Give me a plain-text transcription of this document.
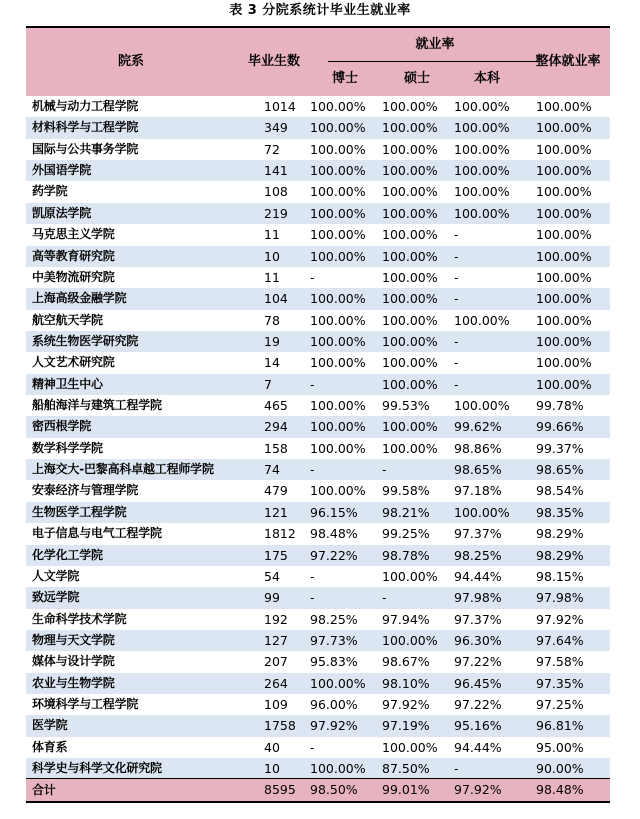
表 3 分院系统计毕业生就业率
院系	毕业生数
就业率
博士	硕士	本科
整体就业率
机械与动力工程学院	1014 100.00% 100.00% 100.00% 100.00%
材料科学与工程学院	349 100.00% 100.00% 100.00% 100.00%
国际与公共事务学院	72 100.00% 100.00% 100.00% 100.00%
外国语学院	141 100.00% 100.00% 100.00% 100.00%
药学院	108 100.00% 100.00% 100.00% 100.00%
凯原法学院	219 100.00% 100.00% 100.00% 100.00%
马克思主义学院	11 100.00% 100.00% -	100.00%
高等教育研究院	10 100.00% 100.00% -	100.00%
中美物流研究院	11 -	100.00% -	100.00%
上海高级金融学院	104 100.00% 100.00% -	100.00%
航空航天学院	78 100.00% 100.00% 100.00% 100.00%
系统生物医学研究院	19 100.00% 100.00% -	100.00%
人文艺术研究院	14 100.00% 100.00% -	100.00%
精神卫生中心	7	-	100.00% -	100.00%
船舶海洋与建筑工程学院	465 100.00% 99.53% 100.00% 99.78%
密西根学院	294 100.00% 100.00% 99.62%	99.66%
数学科学学院	158 100.00% 100.00% 98.86%	99.37%
上海交大-巴黎高科卓越工程师学院	74 -	-	98.65%	98.65%
安泰经济与管理学院	479 100.00% 99.58% 97.18%	98.54%
生物医学工程学院	121 96.15% 98.21% 100.00% 98.35%
电子信息与电气工程学院	1812 98.48% 99.25% 97.37%	98.29%
化学化工学院	175 97.22% 98.78% 98.25%	98.29%
人文学院	54 -	100.00% 94.44%	98.15%
致远学院	99 -	-	97.98%	97.98%
生命科学技术学院	192 98.25% 97.94% 97.37%	97.92%
物理与天文学院	127 97.73% 100.00% 96.30%	97.64%
媒体与设计学院	207 95.83% 98.67% 97.22%	97.58%
农业与生物学院	264 100.00% 98.10% 96.45%	97.35%
环境科学与工程学院	109 96.00% 97.92% 97.22%	97.25%
医学院	1758 97.92% 97.19% 95.16%	96.81%
体育系	40 -	100.00% 94.44%	95.00%
科学史与科学文化研究院	10 100.00% 87.50% -	90.00%
合计	8595 98.50% 99.01% 97.92%	98.48%
